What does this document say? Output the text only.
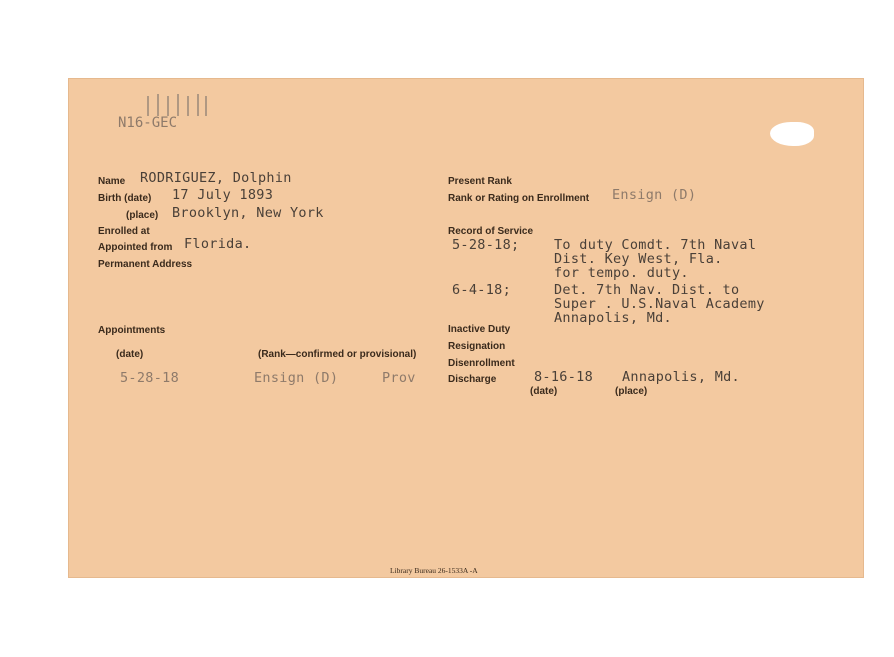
N16-GEC
Name RODRIGUEZ, Dolphin
Birth (date) 17 July 1893
(place) Brooklyn, New York
Enrolled at
Appointed from Florida.
Permanent Address
Appointments
(date)	(Rank—confirmed or provisional)
5-28-18	Ensign (D)	Prov
Present Rank
Rank or Rating on Enrollment Ensign (D)
Record of Service
5-28-18;	To duty Comdt. 7th Naval
Dist. Key West, Fla.
for tempo. duty.
6-4-18;	Det. 7th Nav. Dist. to
Super . U.S.Naval Academy
Annapolis, Md.
Inactive Duty
Resignation
Disenrollment
Discharge	8-16-18 Annapolis, Md.
(date)	(place)
Library Bureau 26-1533A -A
